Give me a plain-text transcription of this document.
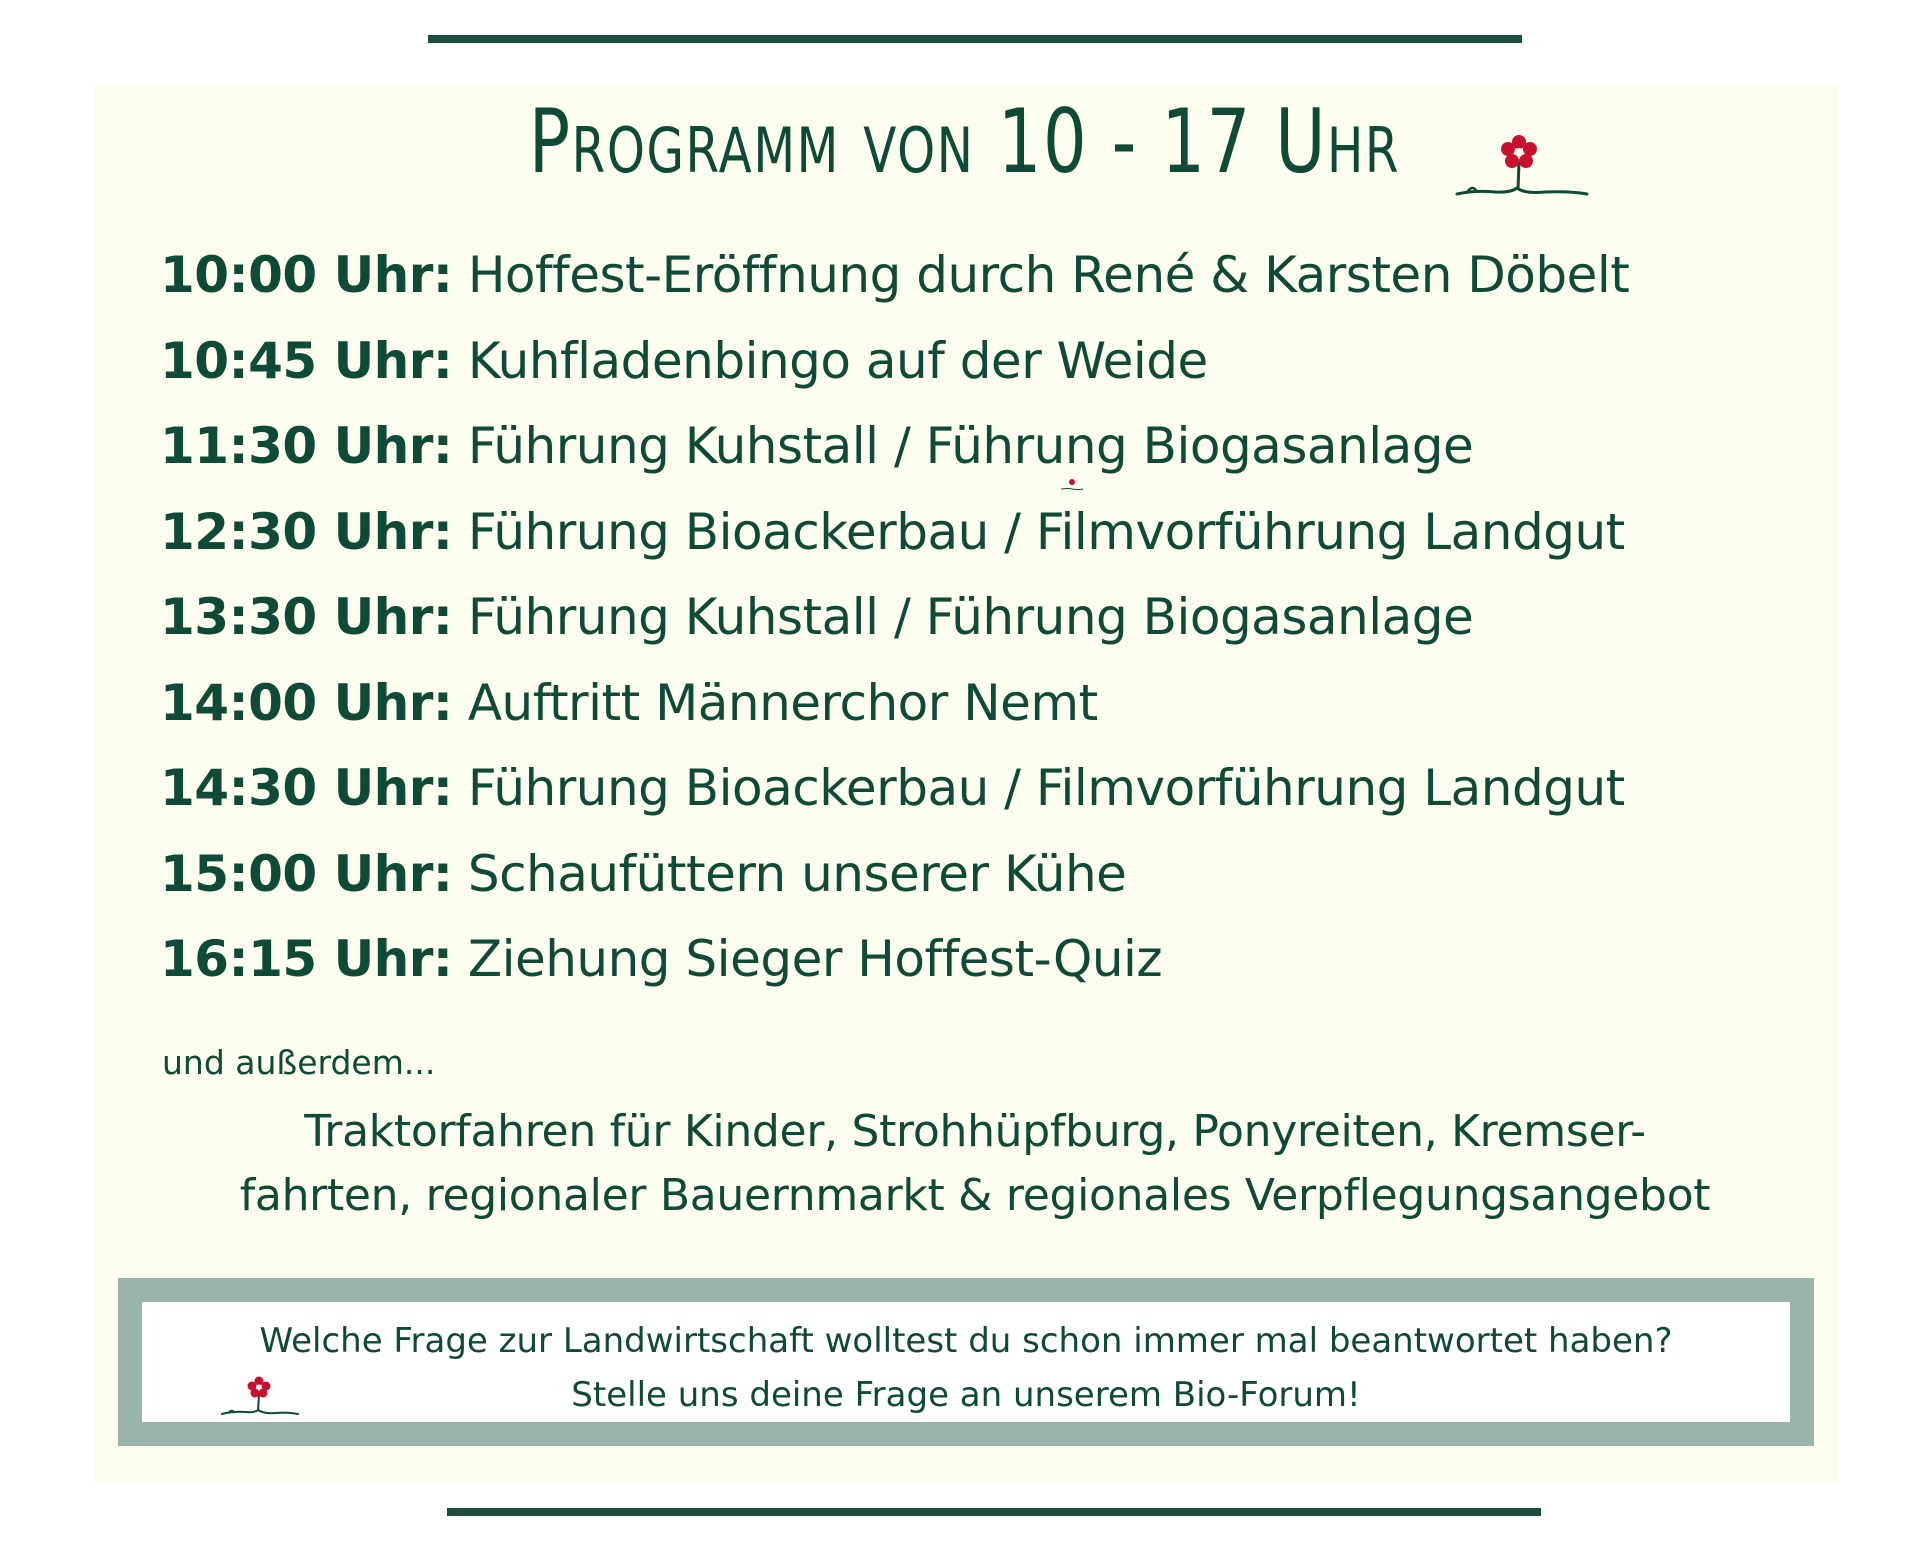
Programm von 10 - 17 Uhr
10:00 Uhr: Hoffest-Eröffnung durch René & Karsten Döbelt
10:45 Uhr: Kuhfladenbingo auf der Weide
11:30 Uhr: Führung Kuhstall / Führung Biogasanlage
12:30 Uhr: Führung Bioackerbau / Filmvorführung Landgut
13:30 Uhr: Führung Kuhstall / Führung Biogasanlage
14:00 Uhr: Auftritt Männerchor Nemt
14:30 Uhr: Führung Bioackerbau / Filmvorführung Landgut
15:00 Uhr: Schaufüttern unserer Kühe
16:15 Uhr: Ziehung Sieger Hoffest-Quiz
und außerdem...
Traktorfahren für Kinder, Strohhüpfburg, Ponyreiten, Kremser-
fahrten, regionaler Bauernmarkt & regionales Verpflegungsangebot
Welche Frage zur Landwirtschaft wolltest du schon immer mal beantwortet haben?
Stelle uns deine Frage an unserem Bio-Forum!
